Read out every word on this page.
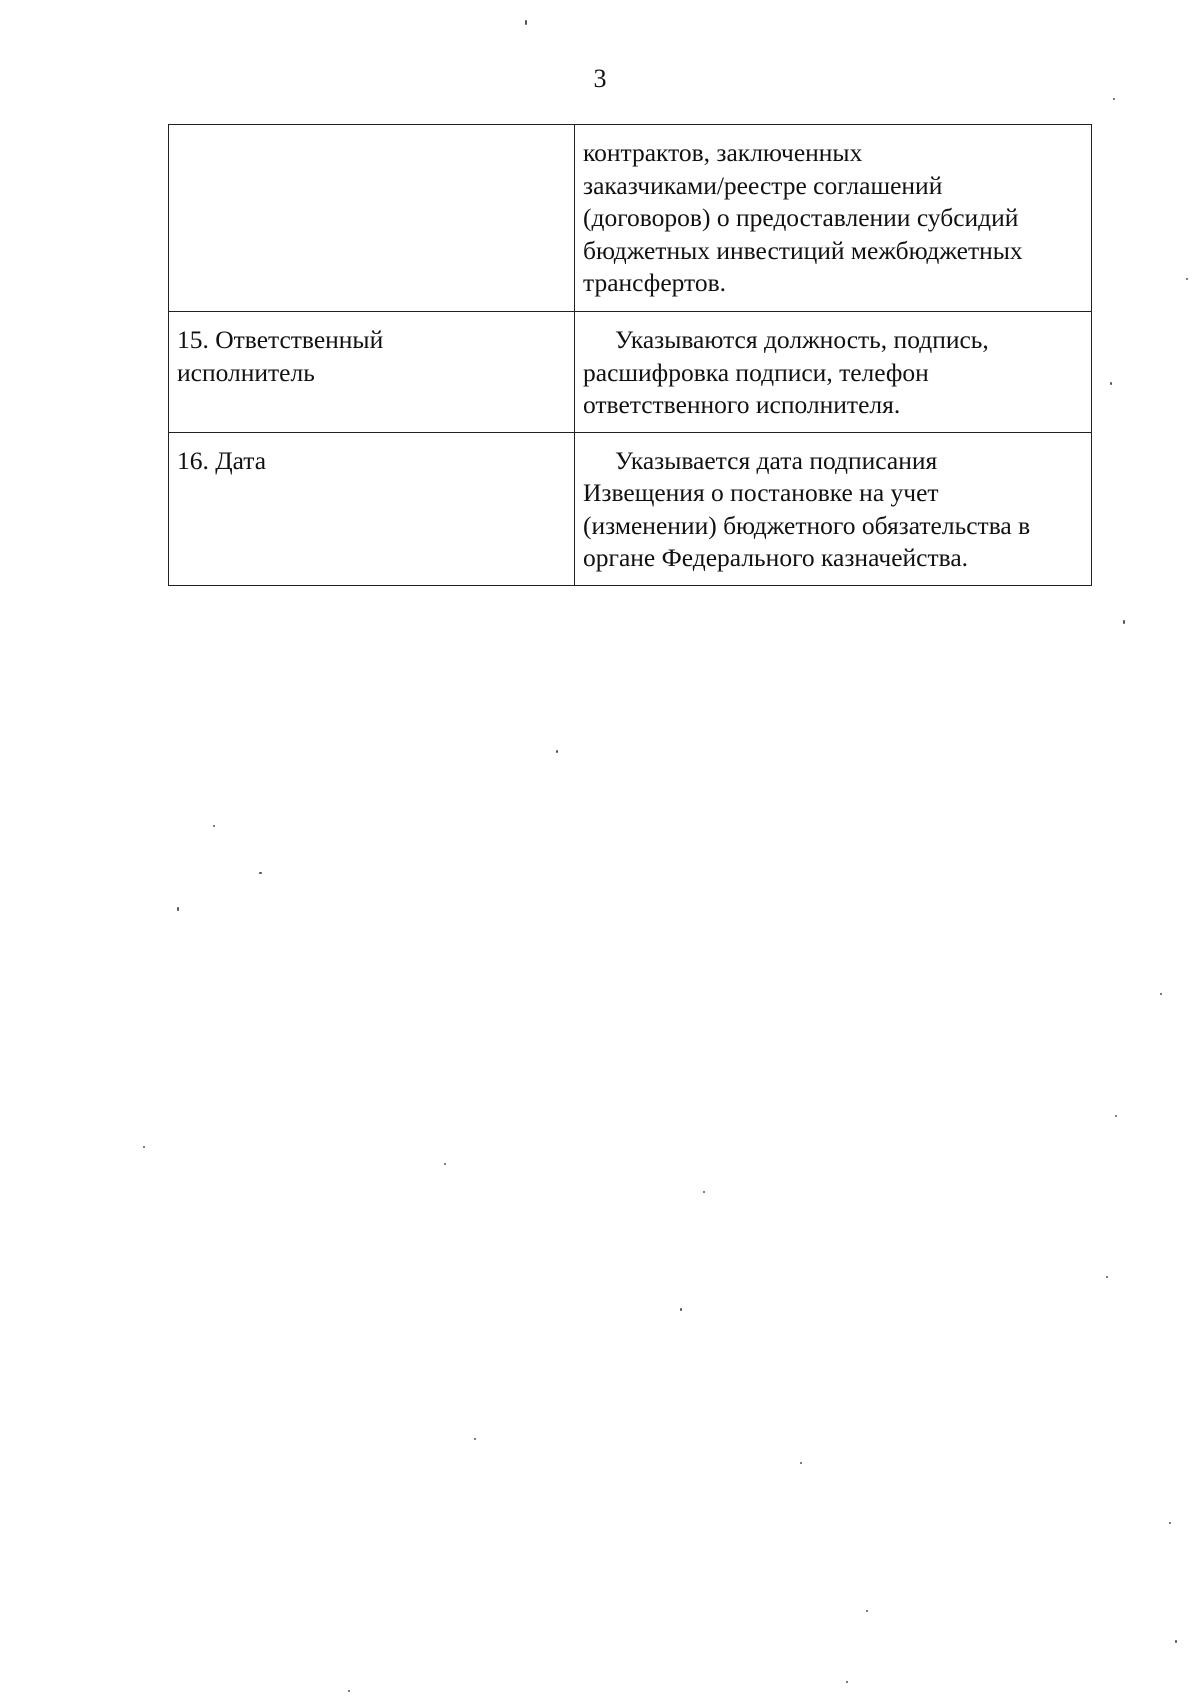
3

	контрактов, заключенных
заказчиками/реестре соглашений
(договоров) о предоставлении субсидий
бюджетных инвестиций межбюджетных
трансфертов.

15. Ответственный
исполнитель	Указываются должность, подпись,
расшифровка подписи, телефон
ответственного исполнителя.

16. Дата	Указывается дата подписания
Извещения о постановке на учет
(изменении) бюджетного обязательства в
органе Федерального казначейства.
